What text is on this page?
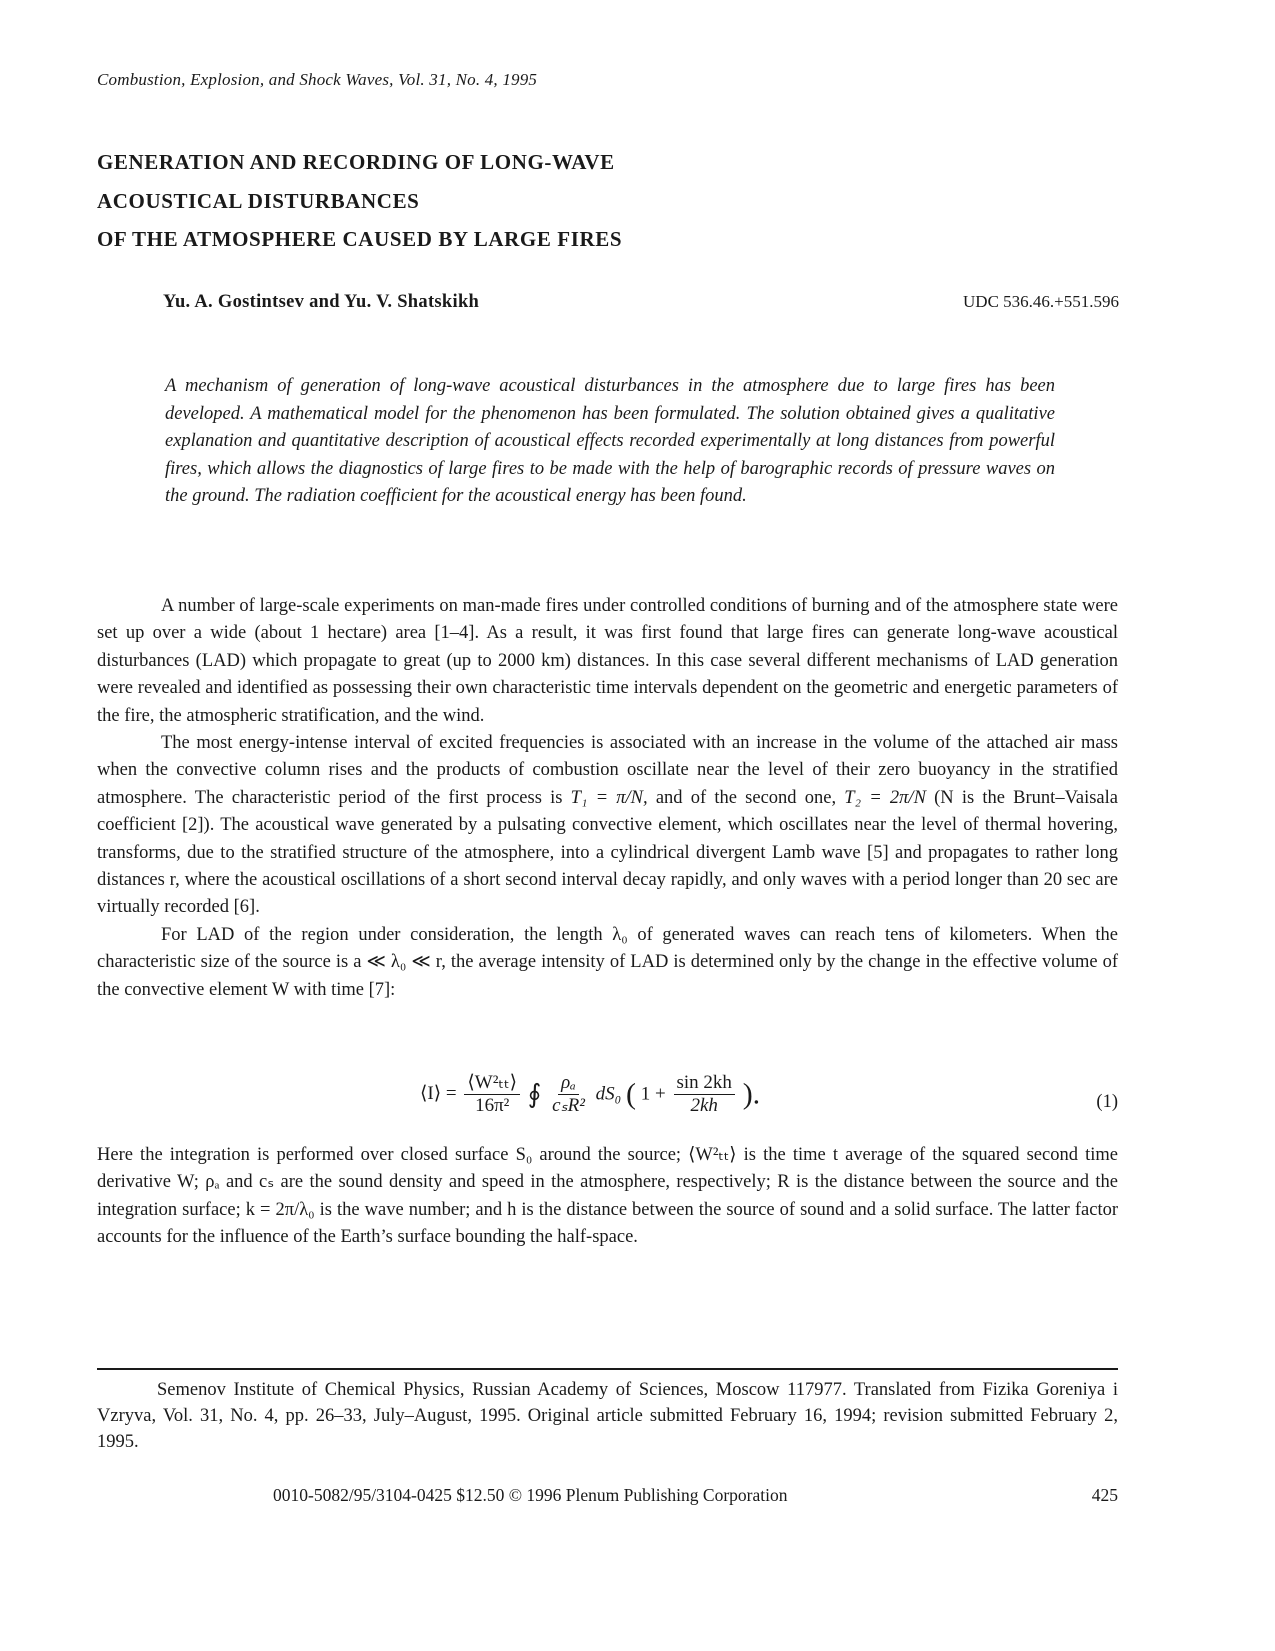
Combustion, Explosion, and Shock Waves, Vol. 31, No. 4, 1995
GENERATION AND RECORDING OF LONG-WAVE
ACOUSTICAL DISTURBANCES
OF THE ATMOSPHERE CAUSED BY LARGE FIRES
Yu. A. Gostintsev and Yu. V. Shatskikh	UDC 536.46.+551.596
A mechanism of generation of long-wave acoustical disturbances in the atmosphere due to large fires has been developed. A mathematical model for the phenomenon has been formulated. The solution obtained gives a qualitative explanation and quantitative description of acoustical effects recorded experimentally at long distances from powerful fires, which allows the diagnostics of large fires to be made with the help of barographic records of pressure waves on the ground. The radiation coefficient for the acoustical energy has been found.

A number of large-scale experiments on man-made fires under controlled conditions of burning and of the atmosphere state were set up over a wide (about 1 hectare) area [1–4]. As a result, it was first found that large fires can generate long-wave acoustical disturbances (LAD) which propagate to great (up to 2000 km) distances. In this case several different mechanisms of LAD generation were revealed and identified as possessing their own characteristic time intervals dependent on the geometric and energetic parameters of the fire, the atmospheric stratification, and the wind.

The most energy-intense interval of excited frequencies is associated with an increase in the volume of the attached air mass when the convective column rises and the products of combustion oscillate near the level of their zero buoyancy in the stratified atmosphere. The characteristic period of the first process is T₁ = π/N, and of the second one, T₂ = 2π/N (N is the Brunt–Vaisala coefficient [2]). The acoustical wave generated by a pulsating convective element, which oscillates near the level of thermal hovering, transforms, due to the stratified structure of the atmosphere, into a cylindrical divergent Lamb wave [5] and propagates to rather long distances r, where the acoustical oscillations of a short second interval decay rapidly, and only waves with a period longer than 20 sec are virtually recorded [6].

For LAD of the region under consideration, the length λ₀ of generated waves can reach tens of kilometers. When the characteristic size of the source is a ≪ λ₀ ≪ r, the average intensity of LAD is determined only by the change in the effective volume of the convective element W with time [7]:

⟨I⟩ = $\frac{\text{⟨W²ₜₜ⟩}}{\text{16π²}}$ ∮ $\frac{\text{ρₐ}}{\text{cₛR²}} dS_0$ ( $1 + \frac{\sin 2kh}{2kh}$ ).	(1)

Here the integration is performed over closed surface S₀ around the source; ⟨W²ₜₜ⟩ is the time t average of the squared second time derivative W; ρₐ and cₛ are the sound density and speed in the atmosphere, respectively; R is the distance between the source and the integration surface; k = 2π/λ₀ is the wave number; and h is the distance between the source of sound and a solid surface. The latter factor accounts for the influence of the Earth’s surface bounding the half-space.

Semenov Institute of Chemical Physics, Russian Academy of Sciences, Moscow 117977. Translated from Fizika Goreniya i Vzryva, Vol. 31, No. 4, pp. 26–33, July–August, 1995. Original article submitted February 16, 1994; revision submitted February 2, 1995.
0010-5082/95/3104-0425 $12.50 © 1996 Plenum Publishing Corporation	425
